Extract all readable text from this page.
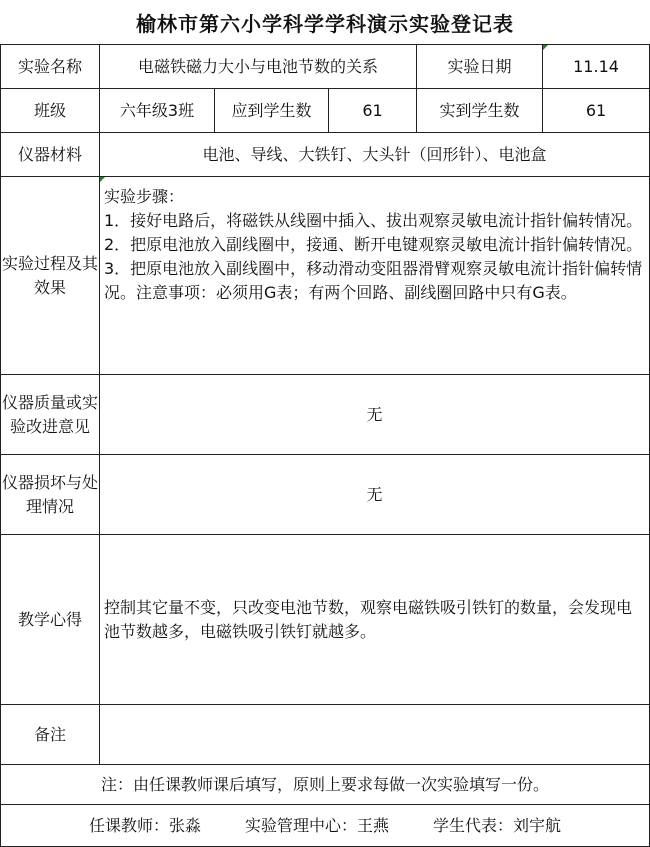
榆林市第六小学科学学科演示实验登记表
实验名称	电磁铁磁力大小与电池节数的关系			实验日期	11.14
班级	六年级3班	应到学生数	61	实到学生数	61
仪器材料	电池、导线、大铁钉、大头针（回形针）、电池盒				
实验过程及其效果	实验步骤：
1．接好电路后，将磁铁从线圈中插入、拔出观察灵敏电流计指针偏转情况。2．把原电池放入副线圈中，接通、断开电键观察灵敏电流计指针偏转情况。3．把原电池放入副线圈中，移动滑动变阻器滑臂观察灵敏电流计指针偏转情况。注意事项：必须用G表；有两个回路、副线圈回路中只有G表。				

仪器质量或实验改进意见	无				
仪器损坏与处理情况	无				
教学心得	控制其它量不变，只改变电池节数，观察电磁铁吸引铁钉的数量，会发现电池节数越多，电磁铁吸引铁钉就越多。				
备注					
注：由任课教师课后填写，原则上要求每做一次实验填写一份。					

任课教师：张淼 实验管理中心：王燕 学生代表：刘宇航					
